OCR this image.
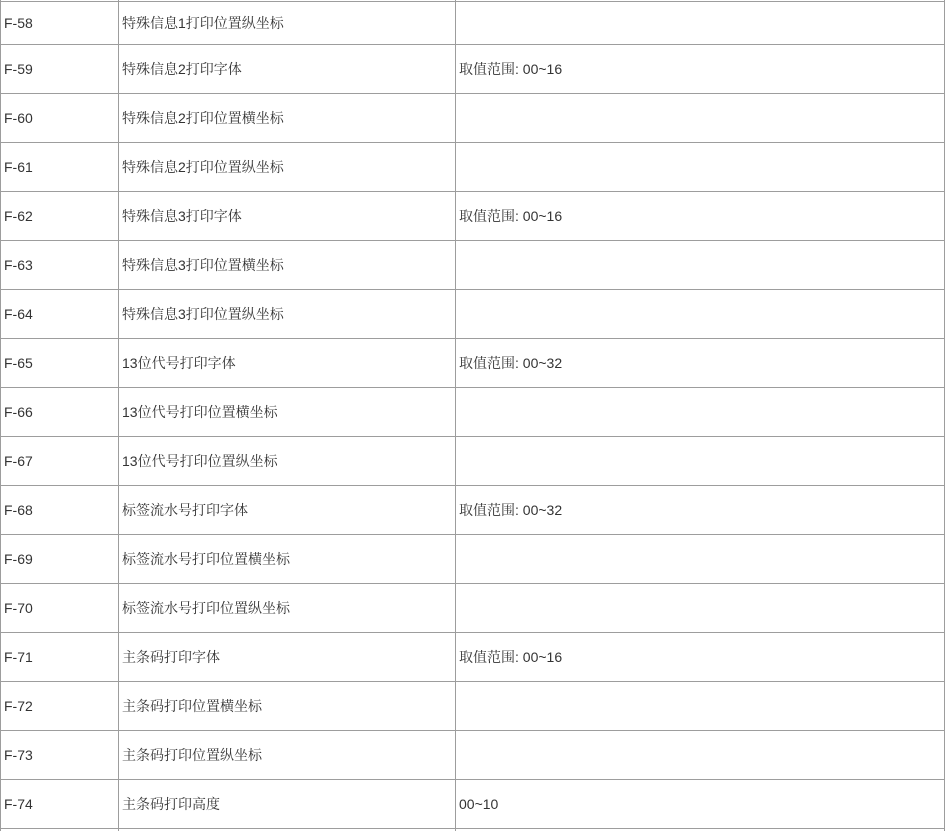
F-58	特殊信息1打印位置纵坐标	
F-59	特殊信息2打印字体	取值范围: 00~16
F-60	特殊信息2打印位置横坐标	
F-61	特殊信息2打印位置纵坐标	
F-62	特殊信息3打印字体	取值范围: 00~16
F-63	特殊信息3打印位置横坐标	
F-64	特殊信息3打印位置纵坐标	
F-65	13位代号打印字体	取值范围: 00~32
F-66	13位代号打印位置横坐标	
F-67	13位代号打印位置纵坐标	
F-68	标签流水号打印字体	取值范围: 00~32
F-69	标签流水号打印位置横坐标	
F-70	标签流水号打印位置纵坐标	
F-71	主条码打印字体	取值范围: 00~16
F-72	主条码打印位置横坐标	
F-73	主条码打印位置纵坐标	
F-74	主条码打印高度	00~10
